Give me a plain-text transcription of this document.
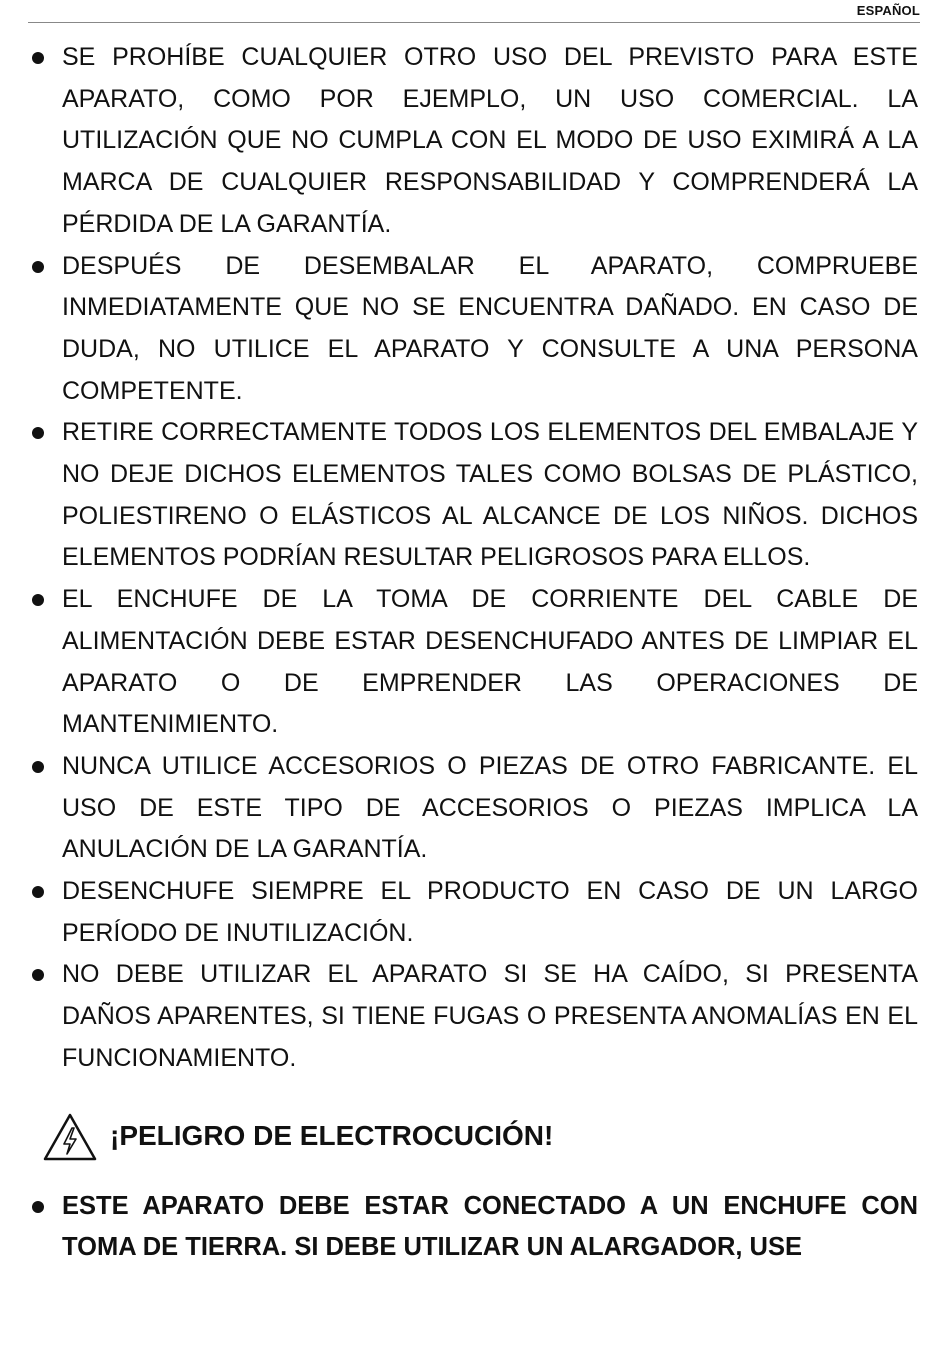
ESPAÑOL
SE PROHÍBE CUALQUIER OTRO USO DEL PREVISTO PARA ESTE APARATO, COMO POR EJEMPLO, UN USO COMERCIAL. LA UTILIZACIÓN QUE NO CUMPLA CON EL MODO DE USO EXIMIRÁ A LA MARCA DE CUALQUIER RESPONSABILIDAD Y COMPRENDERÁ LA PÉRDIDA DE LA GARANTÍA.
DESPUÉS DE DESEMBALAR EL APARATO, COMPRUEBE INMEDIATAMENTE QUE NO SE ENCUENTRA DAÑADO. EN CASO DE DUDA, NO UTILICE EL APARATO Y CONSULTE A UNA PERSONA COMPETENTE.
RETIRE CORRECTAMENTE TODOS LOS ELEMENTOS DEL EMBALAJE Y NO DEJE DICHOS ELEMENTOS TALES COMO BOLSAS DE PLÁSTICO, POLIESTIRENO O ELÁSTICOS AL ALCANCE DE LOS NIÑOS. DICHOS ELEMENTOS PODRÍAN RESULTAR PELIGROSOS PARA ELLOS.
EL ENCHUFE DE LA TOMA DE CORRIENTE DEL CABLE DE ALIMENTACIÓN DEBE ESTAR DESENCHUFADO ANTES DE LIMPIAR EL APARATO O DE EMPRENDER LAS OPERACIONES DE MANTENIMIENTO.
NUNCA UTILICE ACCESORIOS O PIEZAS DE OTRO FABRICANTE. EL USO DE ESTE TIPO DE ACCESORIOS O PIEZAS IMPLICA LA ANULACIÓN DE LA GARANTÍA.
DESENCHUFE SIEMPRE EL PRODUCTO EN CASO DE UN LARGO PERÍODO DE INUTILIZACIÓN.
NO DEBE UTILIZAR EL APARATO SI SE HA CAÍDO, SI PRESENTA DAÑOS APARENTES, SI TIENE FUGAS O PRESENTA ANOMALÍAS EN EL FUNCIONAMIENTO.
¡PELIGRO DE ELECTROCUCIÓN!
ESTE APARATO DEBE ESTAR CONECTADO A UN ENCHUFE CON TOMA DE TIERRA. SI DEBE UTILIZAR UN ALARGADOR, USE
